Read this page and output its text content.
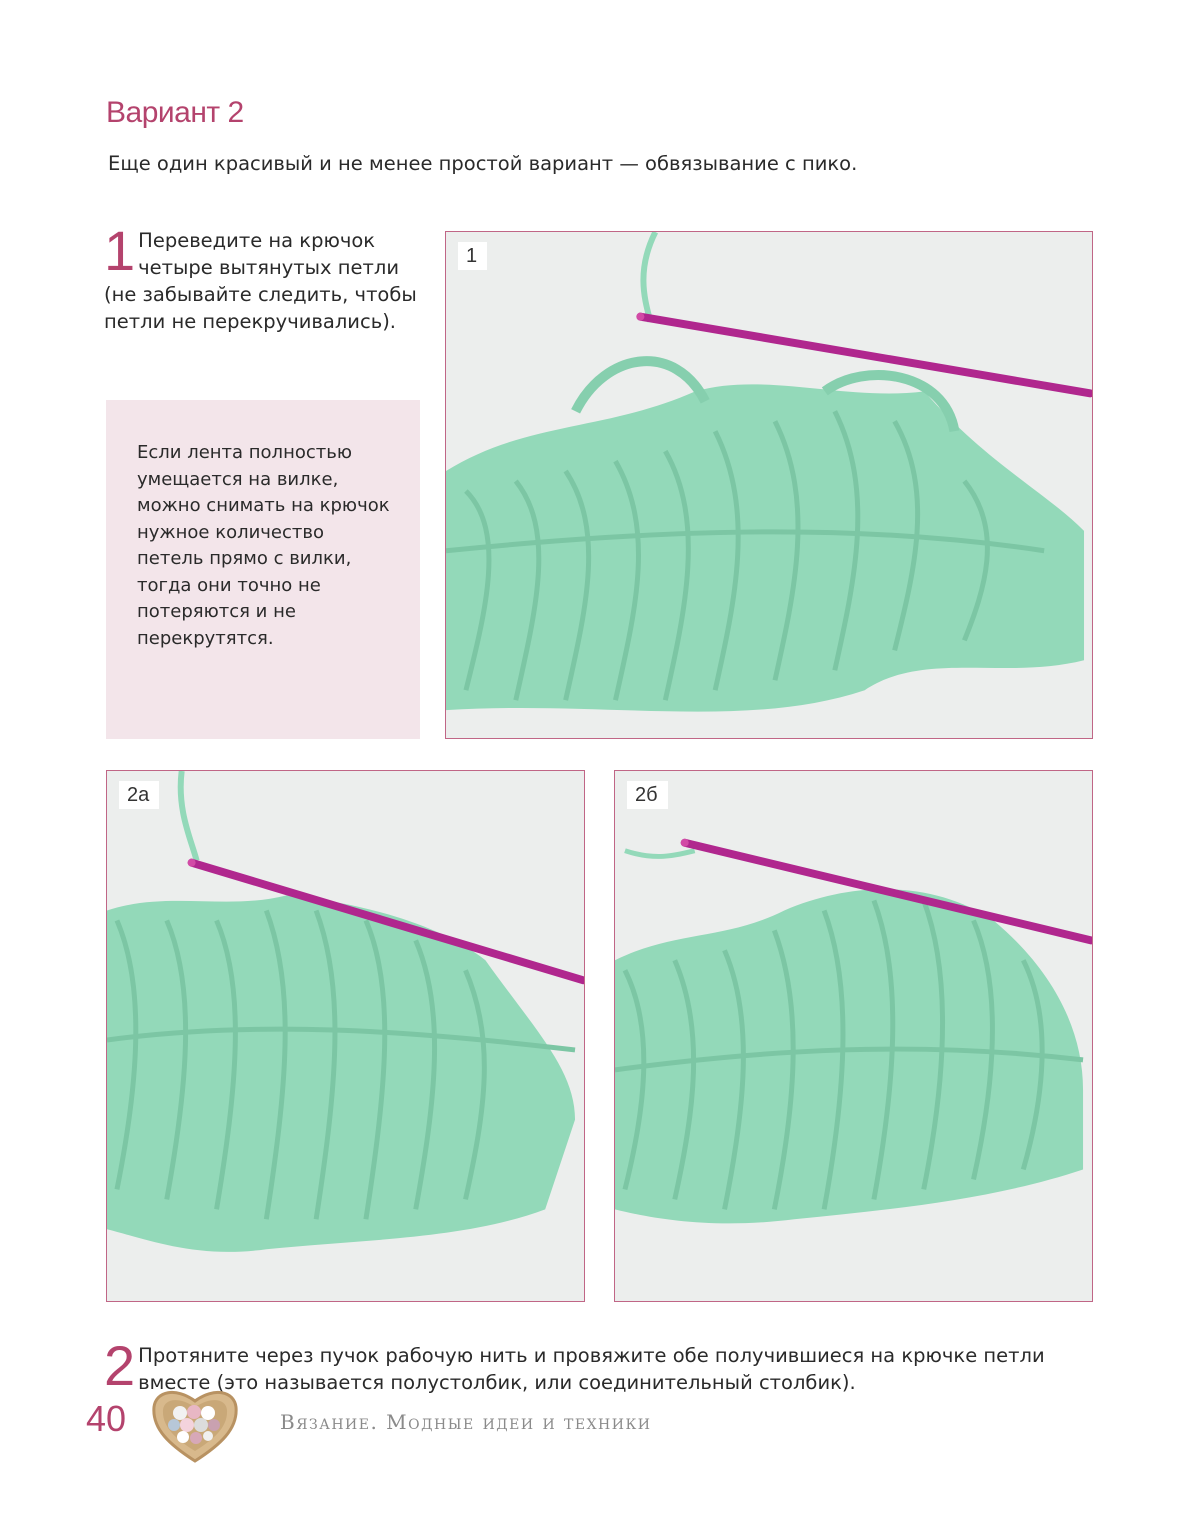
Вариант 2
Еще один красивый и не менее простой вариант — обвязывание с пико.
1 Переведите на крючок четыре вытянутых петли (не забывайте следить, чтобы петли не перекручивались).
Если лента полностью умещается на вилке, можно снимать на крючок нужное количество петель прямо с вилки, тогда они точно не потеряются и не перекрутятся.
1
2а	2б
2 Протяните через пучок рабочую нить и провяжите обе получившиеся на крючке петли вместе (это называется полустолбик, или соединительный столбик).
40	Вязание. Модные идеи и техники
